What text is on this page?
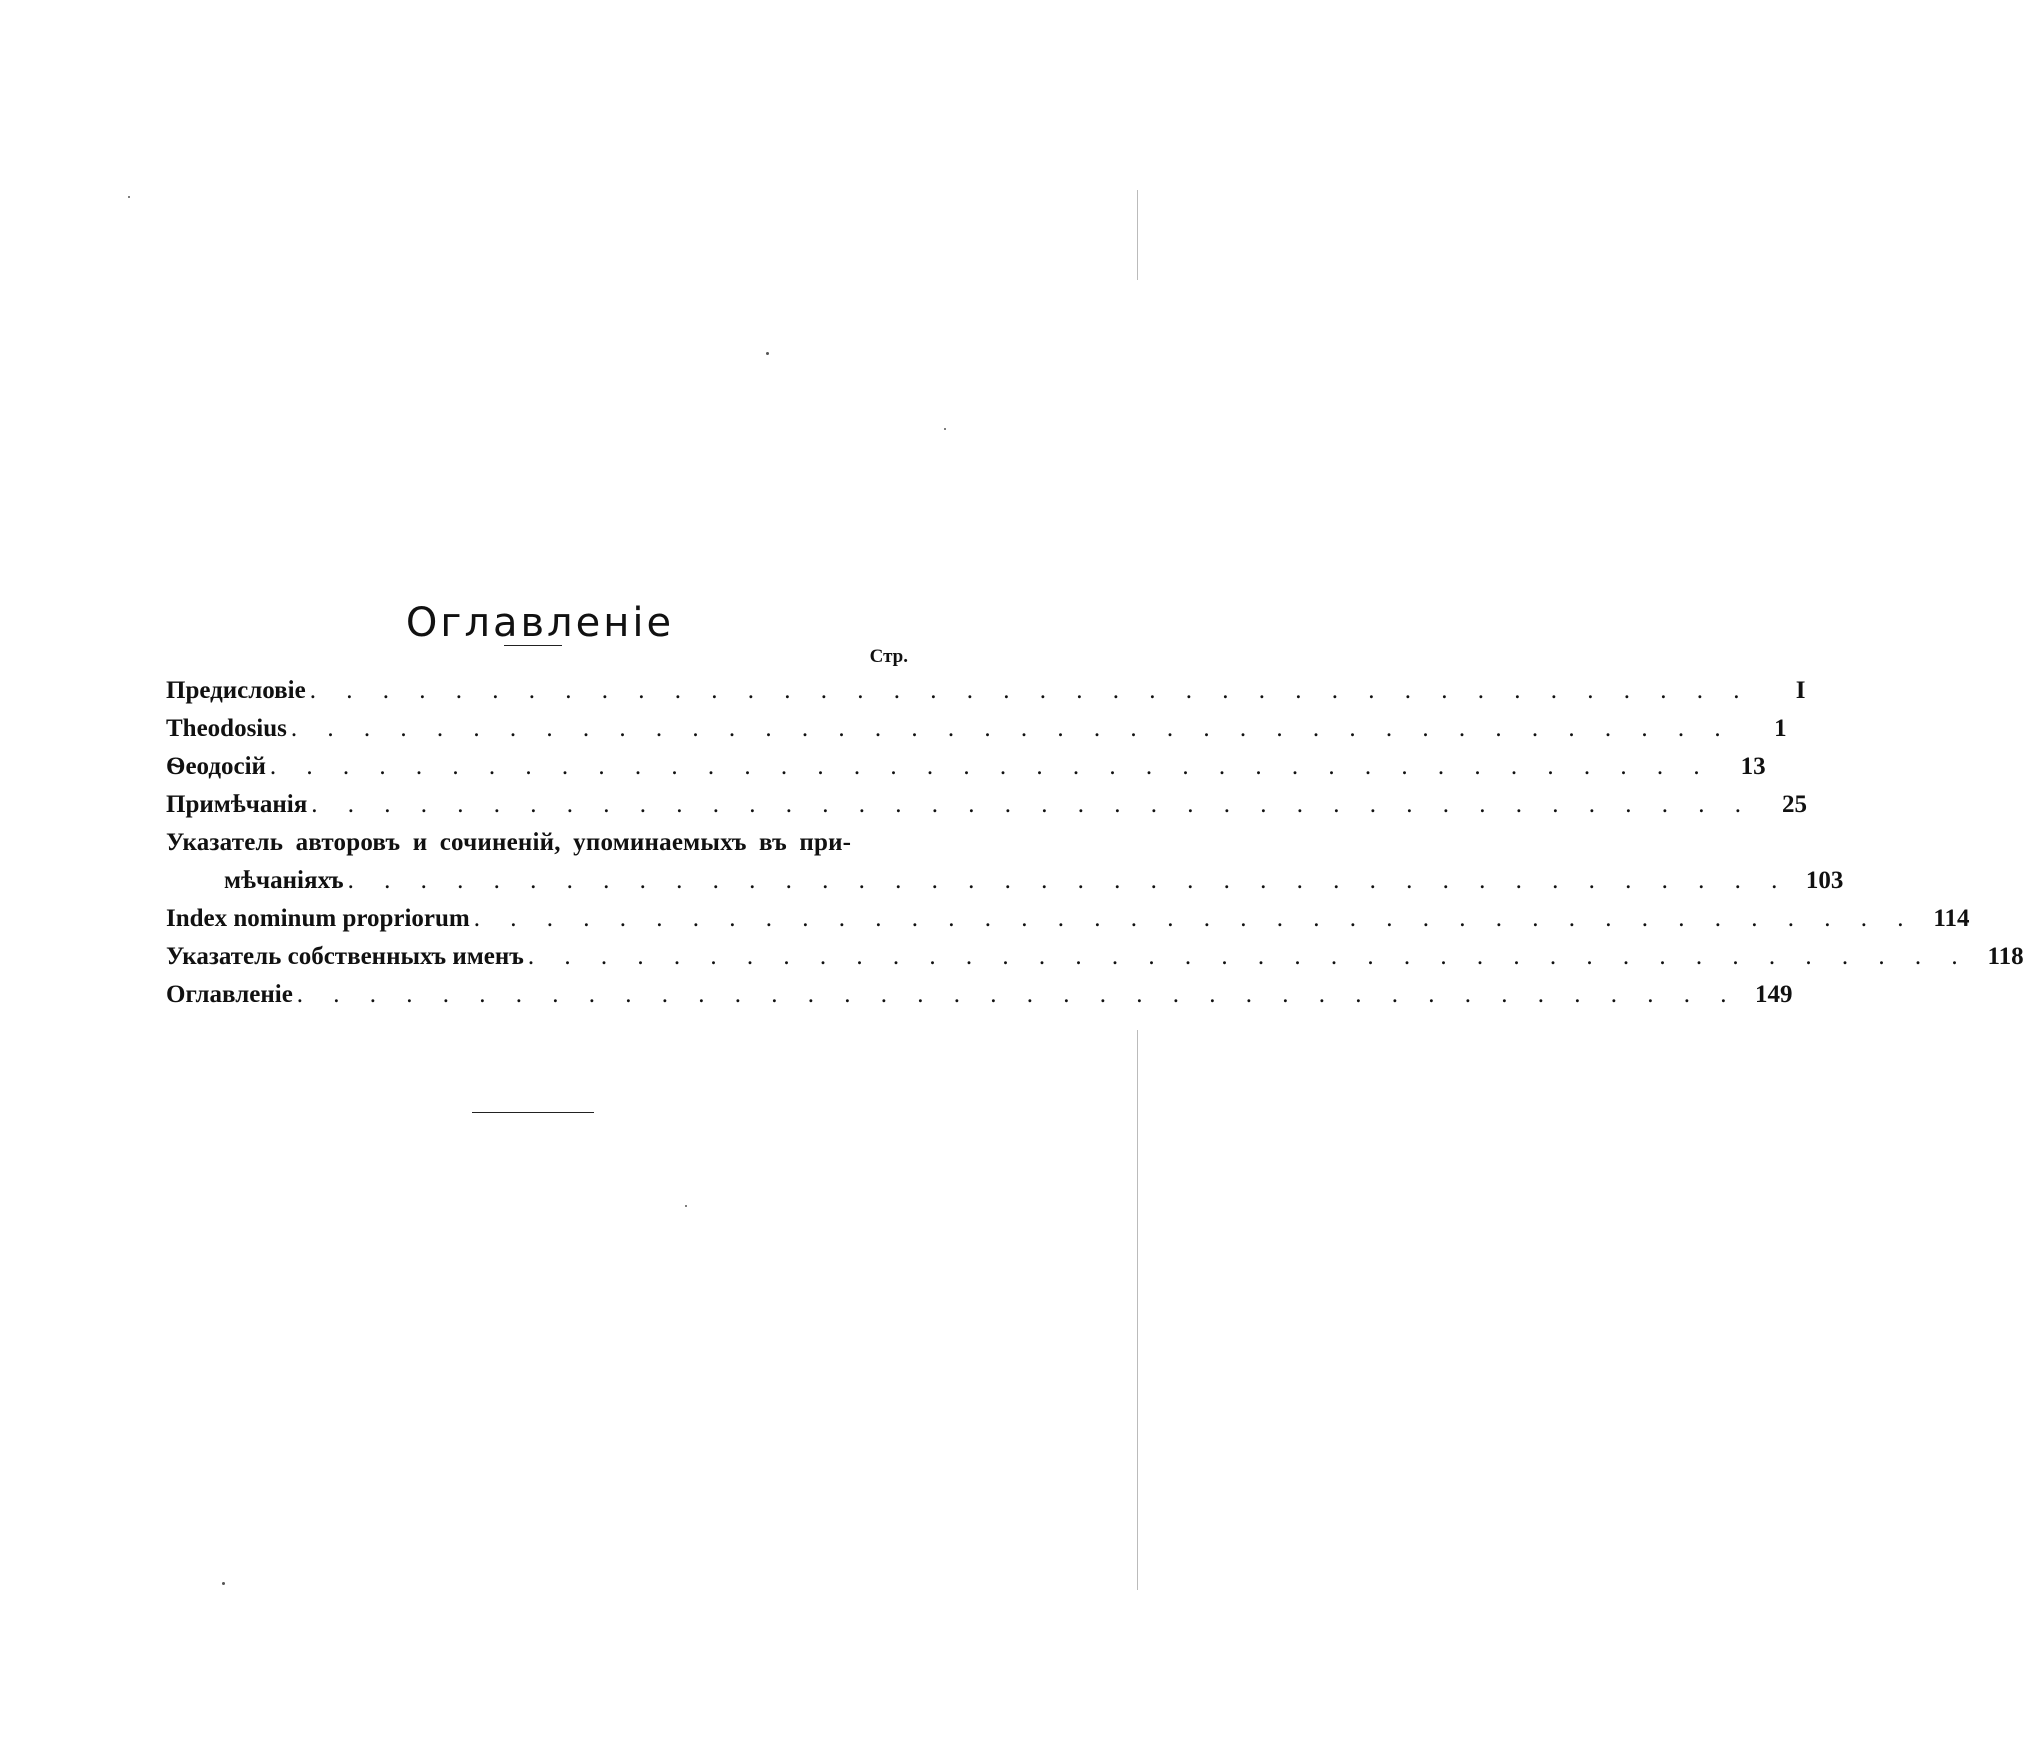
Оглавленіе
Стр.
Предисловіе . . . . . . . . . . . . . . . . . . . . . . . . . . . . . . . . . . . . . . . .	I
Theodosius . . . . . . . . . . . . . . . . . . . . . . . . . . . . . . . . . . . . . . . .	1
Ѳеодосій . . . . . . . . . . . . . . . . . . . . . . . . . . . . . . . . . . . . . . . .	13
Примѣчанія . . . . . . . . . . . . . . . . . . . . . . . . . . . . . . . . . . . . . . . .	25
Указатель авторовъ и сочиненій, упоминаемыхъ въ при-
мѣчаніяхъ . . . . . . . . . . . . . . . . . . . . . . . . . . . . . . . . . . . . . . . . 103
Index nominum propriorum . . . . . . . . . . . . . . . . . . . . . . . . . . . . . . . . . . . . . . . . 114
Указатель собственныхъ именъ . . . . . . . . . . . . . . . . . . . . . . . . . . . . . . . . . . . . . . . . 118
Оглавленіе . . . . . . . . . . . . . . . . . . . . . . . . . . . . . . . . . . . . . . . . 149
